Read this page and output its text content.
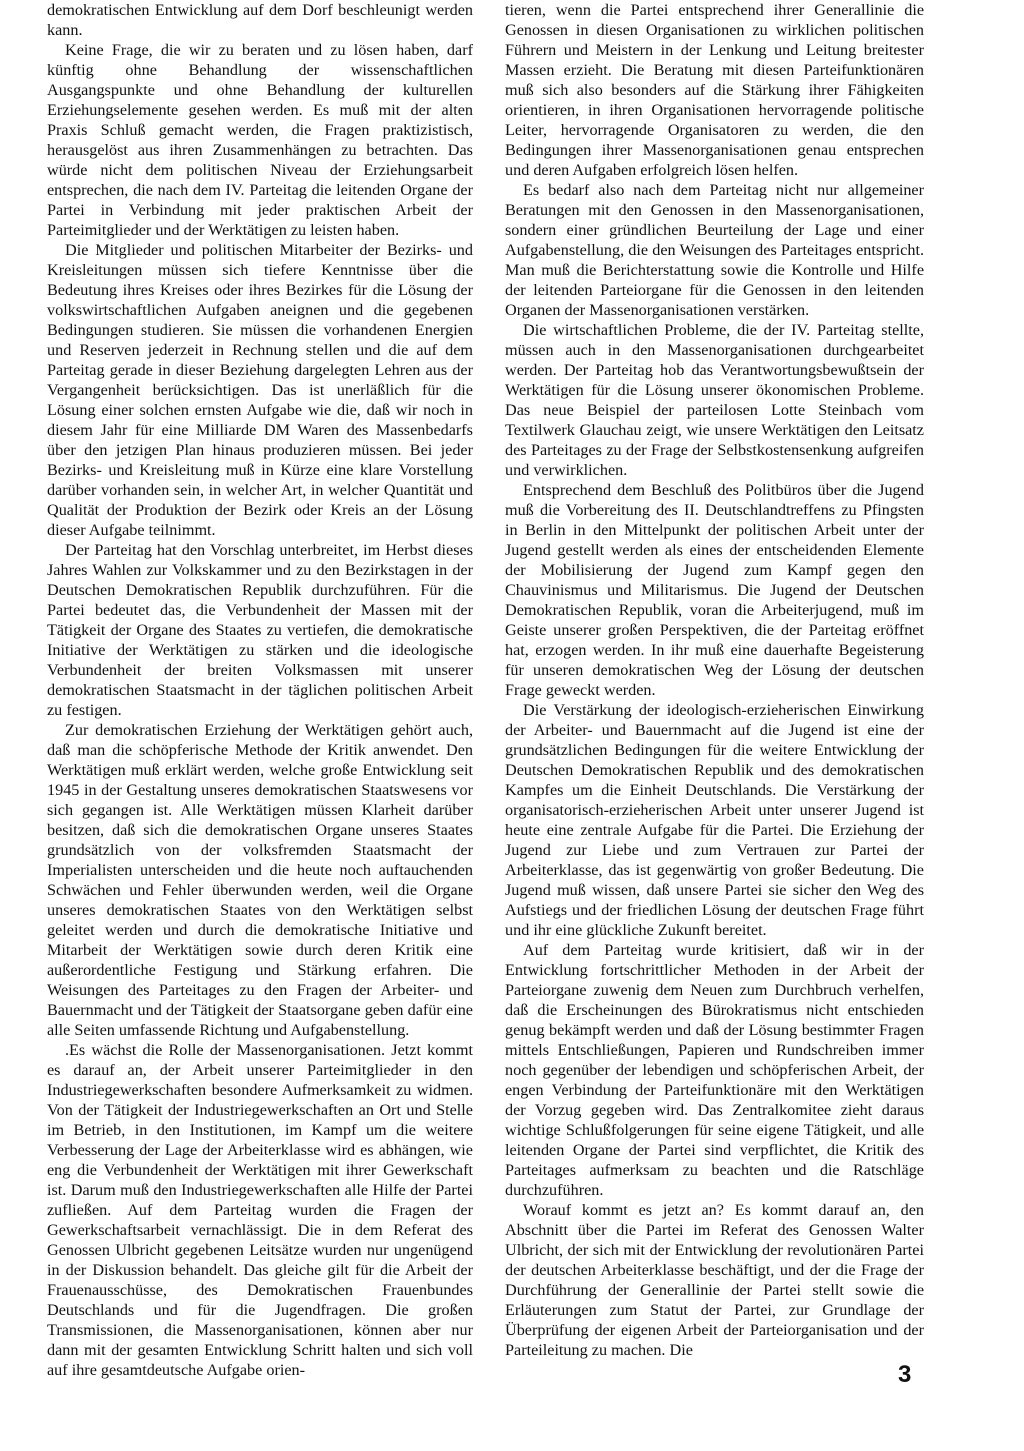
demokratischen Entwicklung auf dem Dorf beschleunigt werden kann.

Keine Frage, die wir zu beraten und zu lösen haben, darf künftig ohne Behandlung der wissenschaftlichen Ausgangspunkte und ohne Behandlung der kulturellen Erziehungselemente gesehen werden. Es muß mit der alten Praxis Schluß gemacht werden, die Fragen praktizistisch, herausgelöst aus ihren Zusammenhängen zu betrachten. Das würde nicht dem politischen Niveau der Erziehungsarbeit entsprechen, die nach dem IV. Parteitag die leitenden Organe der Partei in Verbindung mit jeder praktischen Arbeit der Parteimitglieder und der Werktätigen zu leisten haben.

Die Mitglieder und politischen Mitarbeiter der Bezirks- und Kreisleitungen müssen sich tiefere Kenntnisse über die Bedeutung ihres Kreises oder ihres Bezirkes für die Lösung der volkswirtschaftlichen Aufgaben aneignen und die gegebenen Bedingungen studieren. Sie müssen die vorhandenen Energien und Reserven jederzeit in Rechnung stellen und die auf dem Parteitag gerade in dieser Beziehung dargelegten Lehren aus der Vergangenheit berücksichtigen. Das ist unerläßlich für die Lösung einer solchen ernsten Aufgabe wie die, daß wir noch in diesem Jahr für eine Milliarde DM Waren des Massenbedarfs über den jetzigen Plan hinaus produzieren müssen. Bei jeder Bezirks- und Kreisleitung muß in Kürze eine klare Vorstellung darüber vorhanden sein, in welcher Art, in welcher Quantität und Qualität der Produktion der Bezirk oder Kreis an der Lösung dieser Aufgabe teilnimmt.

Der Parteitag hat den Vorschlag unterbreitet, im Herbst dieses Jahres Wahlen zur Volkskammer und zu den Bezirkstagen in der Deutschen Demokratischen Republik durchzuführen. Für die Partei bedeutet das, die Verbundenheit der Massen mit der Tätigkeit der Organe des Staates zu vertiefen, die demokratische Initiative der Werktätigen zu stärken und die ideologische Verbundenheit der breiten Volksmassen mit unserer demokratischen Staatsmacht in der täglichen politischen Arbeit zu festigen.

Zur demokratischen Erziehung der Werktätigen gehört auch, daß man die schöpferische Methode der Kritik anwendet. Den Werktätigen muß erklärt werden, welche große Entwicklung seit 1945 in der Gestaltung unseres demokratischen Staatswesens vor sich gegangen ist. Alle Werktätigen müssen Klarheit darüber besitzen, daß sich die demokratischen Organe unseres Staates grundsätzlich von der volksfremden Staatsmacht der Imperialisten unterscheiden und die heute noch auftauchenden Schwächen und Fehler überwunden werden, weil die Organe unseres demokratischen Staates von den Werktätigen selbst geleitet werden und durch die demokratische Initiative und Mitarbeit der Werktätigen sowie durch deren Kritik eine außerordentliche Festigung und Stärkung erfahren. Die Weisungen des Parteitages zu den Fragen der Arbeiter- und Bauernmacht und der Tätigkeit der Staatsorgane geben dafür eine alle Seiten umfassende Richtung und Aufgabenstellung.

.Es wächst die Rolle der Massenorganisationen. Jetzt kommt es darauf an, der Arbeit unserer Parteimitglieder in den Industriegewerkschaften besondere Aufmerksamkeit zu widmen. Von der Tätigkeit der Industriegewerkschaften an Ort und Stelle im Betrieb, in den Institutionen, im Kampf um die weitere Verbesserung der Lage der Arbeiterklasse wird es abhängen, wie eng die Verbundenheit der Werktätigen mit ihrer Gewerkschaft ist. Darum muß den Industriegewerkschaften alle Hilfe der Partei zufließen. Auf dem Parteitag wurden die Fragen der Gewerkschaftsarbeit vernachlässigt. Die in dem Referat des Genossen Ulbricht gegebenen Leitsätze wurden nur ungenügend in der Diskussion behandelt. Das gleiche gilt für die Arbeit der Frauenausschüsse, des Demokratischen Frauenbundes Deutschlands und für die Jugendfragen. Die großen Transmissionen, die Massenorganisationen, können aber nur dann mit der gesamten Entwicklung Schritt halten und sich voll auf ihre gesamtdeutsche Aufgabe orien-

tieren, wenn die Partei entsprechend ihrer Generallinie die Genossen in diesen Organisationen zu wirklichen politischen Führern und Meistern in der Lenkung und Leitung breitester Massen erzieht. Die Beratung mit diesen Parteifunktionären muß sich also besonders auf die Stärkung ihrer Fähigkeiten orientieren, in ihren Organisationen hervorragende politische Leiter, hervorragende Organisatoren zu werden, die den Bedingungen ihrer Massenorganisationen genau entsprechen und deren Aufgaben erfolgreich lösen helfen.

Es bedarf also nach dem Parteitag nicht nur allgemeiner Beratungen mit den Genossen in den Massenorganisationen, sondern einer gründlichen Beurteilung der Lage und einer Aufgabenstellung, die den Weisungen des Parteitages entspricht. Man muß die Berichterstattung sowie die Kontrolle und Hilfe der leitenden Parteiorgane für die Genossen in den leitenden Organen der Massenorganisationen verstärken.

Die wirtschaftlichen Probleme, die der IV. Parteitag stellte, müssen auch in den Massenorganisationen durchgearbeitet werden. Der Parteitag hob das Verantwortungsbewußtsein der Werktätigen für die Lösung unserer ökonomischen Probleme. Das neue Beispiel der parteilosen Lotte Steinbach vom Textilwerk Glauchau zeigt, wie unsere Werktätigen den Leitsatz des Parteitages zu der Frage der Selbstkostensenkung aufgreifen und verwirklichen.

Entsprechend dem Beschluß des Politbüros über die Jugend muß die Vorbereitung des II. Deutschlandtreffens zu Pfingsten in Berlin in den Mittelpunkt der politischen Arbeit unter der Jugend gestellt werden als eines der entscheidenden Elemente der Mobilisierung der Jugend zum Kampf gegen den Chauvinismus und Militarismus. Die Jugend der Deutschen Demokratischen Republik, voran die Arbeiterjugend, muß im Geiste unserer großen Perspektiven, die der Parteitag eröffnet hat, erzogen werden. In ihr muß eine dauerhafte Begeisterung für unseren demokratischen Weg der Lösung der deutschen Frage geweckt werden.

Die Verstärkung der ideologisch-erzieherischen Einwirkung der Arbeiter- und Bauernmacht auf die Jugend ist eine der grundsätzlichen Bedingungen für die weitere Entwicklung der Deutschen Demokratischen Republik und des demokratischen Kampfes um die Einheit Deutschlands. Die Verstärkung der organisatorisch-erzieherischen Arbeit unter unserer Jugend ist heute eine zentrale Aufgabe für die Partei. Die Erziehung der Jugend zur Liebe und zum Vertrauen zur Partei der Arbeiterklasse, das ist gegenwärtig von großer Bedeutung. Die Jugend muß wissen, daß unsere Partei sie sicher den Weg des Aufstiegs und der friedlichen Lösung der deutschen Frage führt und ihr eine glückliche Zukunft bereitet.

Auf dem Parteitag wurde kritisiert, daß wir in der Entwicklung fortschrittlicher Methoden in der Arbeit der Parteiorgane zuwenig dem Neuen zum Durchbruch verhelfen, daß die Erscheinungen des Bürokratismus nicht entschieden genug bekämpft werden und daß der Lösung bestimmter Fragen mittels Entschließungen, Papieren und Rundschreiben immer noch gegenüber der lebendigen und schöpferischen Arbeit, der engen Verbindung der Parteifunktionäre mit den Werktätigen der Vorzug gegeben wird. Das Zentralkomitee zieht daraus wichtige Schlußfolgerungen für seine eigene Tätigkeit, und alle leitenden Organe der Partei sind verpflichtet, die Kritik des Parteitages aufmerksam zu beachten und die Ratschläge durchzuführen.

Worauf kommt es jetzt an? Es kommt darauf an, den Abschnitt über die Partei im Referat des Genossen Walter Ulbricht, der sich mit der Entwicklung der revolutionären Partei der deutschen Arbeiterklasse beschäftigt, und der die Frage der Durchführung der Generallinie der Partei stellt sowie die Erläuterungen zum Statut der Partei, zur Grundlage der Überprüfung der eigenen Arbeit der Parteiorganisation und der Parteileitung zu machen. Die

3
